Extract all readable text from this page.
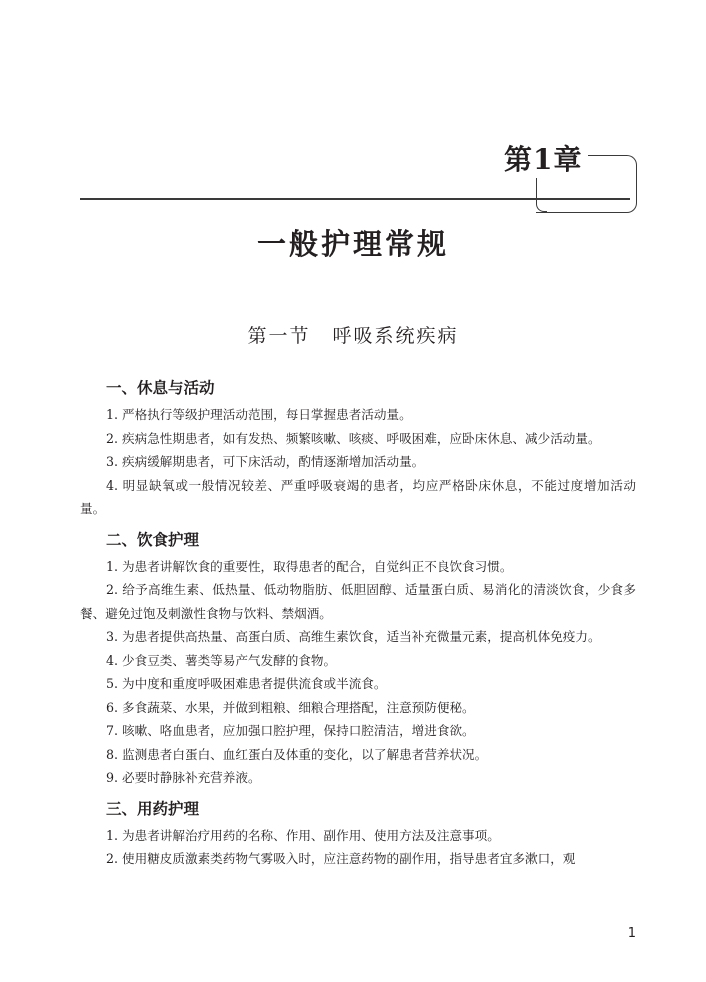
第1章
一般护理常规
第一节 呼吸系统疾病
一、休息与活动

1. 严格执行等级护理活动范围，每日掌握患者活动量。

2. 疾病急性期患者，如有发热、频繁咳嗽、咳痰、呼吸困难，应卧床休息、减少活动量。

3. 疾病缓解期患者，可下床活动，酌情逐渐增加活动量。

4. 明显缺氧或一般情况较差、严重呼吸衰竭的患者，均应严格卧床休息，不能过度增加活动量。

二、饮食护理

1. 为患者讲解饮食的重要性，取得患者的配合，自觉纠正不良饮食习惯。

2. 给予高维生素、低热量、低动物脂肪、低胆固醇、适量蛋白质、易消化的清淡饮食，少食多餐、避免过饱及刺激性食物与饮料、禁烟酒。

3. 为患者提供高热量、高蛋白质、高维生素饮食，适当补充微量元素，提高机体免疫力。

4. 少食豆类、薯类等易产气发酵的食物。

5. 为中度和重度呼吸困难患者提供流食或半流食。

6. 多食蔬菜、水果，并做到粗粮、细粮合理搭配，注意预防便秘。

7. 咳嗽、咯血患者，应加强口腔护理，保持口腔清洁，增进食欲。

8. 监测患者白蛋白、血红蛋白及体重的变化，以了解患者营养状况。

9. 必要时静脉补充营养液。

三、用药护理

1. 为患者讲解治疗用药的名称、作用、副作用、使用方法及注意事项。

2. 使用糖皮质激素类药物气雾吸入时，应注意药物的副作用，指导患者宜多漱口，观

1
